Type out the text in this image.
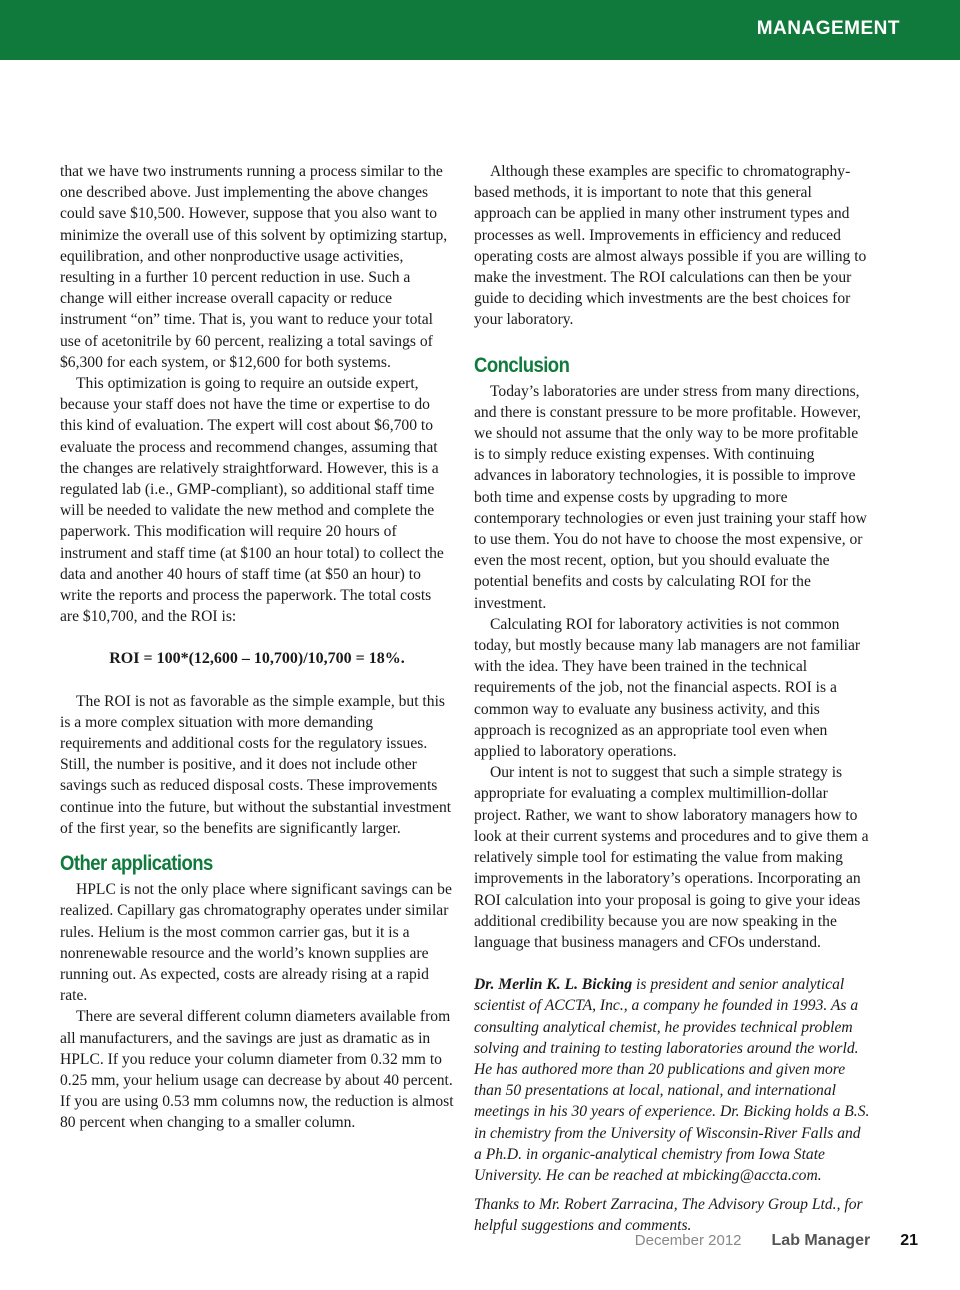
MANAGEMENT

that we have two instruments running a process similar to the one described above. Just implementing the above changes could save $10,500. However, suppose that you also want to minimize the overall use of this solvent by optimizing startup, equilibration, and other nonproductive usage activities, resulting in a further 10 percent reduction in use. Such a change will either increase overall capacity or reduce instrument “on” time. That is, you want to reduce your total use of acetonitrile by 60 percent, realizing a total savings of $6,300 for each system, or $12,600 for both systems.

This optimization is going to require an outside expert, because your staff does not have the time or expertise to do this kind of evaluation. The expert will cost about $6,700 to evaluate the process and recommend changes, assuming that the changes are relatively straightforward. However, this is a regulated lab (i.e., GMP-compliant), so additional staff time will be needed to validate the new method and complete the paperwork. This modification will require 20 hours of instrument and staff time (at $100 an hour total) to collect the data and another 40 hours of staff time (at $50 an hour) to write the reports and process the paperwork. The total costs are $10,700, and the ROI is:

ROI = 100*(12,600 – 10,700)/10,700 = 18%.

The ROI is not as favorable as the simple example, but this is a more complex situation with more demanding requirements and additional costs for the regulatory issues. Still, the number is positive, and it does not include other savings such as reduced disposal costs. These improvements continue into the future, but without the substantial investment of the first year, so the benefits are significantly larger.

Other applications

HPLC is not the only place where significant savings can be realized. Capillary gas chromatography operates under similar rules. Helium is the most common carrier gas, but it is a nonrenewable resource and the world’s known supplies are running out. As expected, costs are already rising at a rapid rate.

There are several different column diameters available from all manufacturers, and the savings are just as dramatic as in HPLC. If you reduce your column diameter from 0.32 mm to 0.25 mm, your helium usage can decrease by about 40 percent. If you are using 0.53 mm columns now, the reduction is almost 80 percent when changing to a smaller column.

Although these examples are specific to chromatography-based methods, it is important to note that this general approach can be applied in many other instrument types and processes as well. Improvements in efficiency and reduced operating costs are almost always possible if you are willing to make the investment. The ROI calculations can then be your guide to deciding which investments are the best choices for your laboratory.

Conclusion

Today’s laboratories are under stress from many directions, and there is constant pressure to be more profitable. However, we should not assume that the only way to be more profitable is to simply reduce existing expenses. With continuing advances in laboratory technologies, it is possible to improve both time and expense costs by upgrading to more contemporary technologies or even just training your staff how to use them. You do not have to choose the most expensive, or even the most recent, option, but you should evaluate the potential benefits and costs by calculating ROI for the investment.

Calculating ROI for laboratory activities is not common today, but mostly because many lab managers are not familiar with the idea. They have been trained in the technical requirements of the job, not the financial aspects. ROI is a common way to evaluate any business activity, and this approach is recognized as an appropriate tool even when applied to laboratory operations.

Our intent is not to suggest that such a simple strategy is appropriate for evaluating a complex multimillion-dollar project. Rather, we want to show laboratory managers how to look at their current systems and procedures and to give them a relatively simple tool for estimating the value from making improvements in the laboratory’s operations. Incorporating an ROI calculation into your proposal is going to give your ideas additional credibility because you are now speaking in the language that business managers and CFOs understand.

Dr. Merlin K. L. Bicking is president and senior analytical scientist of ACCTA, Inc., a company he founded in 1993. As a consulting analytical chemist, he provides technical problem solving and training to testing laboratories around the world. He has authored more than 20 publications and given more than 50 presentations at local, national, and international meetings in his 30 years of experience. Dr. Bicking holds a B.S. in chemistry from the University of Wisconsin-River Falls and a Ph.D. in organic-analytical chemistry from Iowa State University. He can be reached at mbicking@accta.com.

Thanks to Mr. Robert Zarracina, The Advisory Group Ltd., for helpful suggestions and comments.

December 2012 Lab Manager 21
